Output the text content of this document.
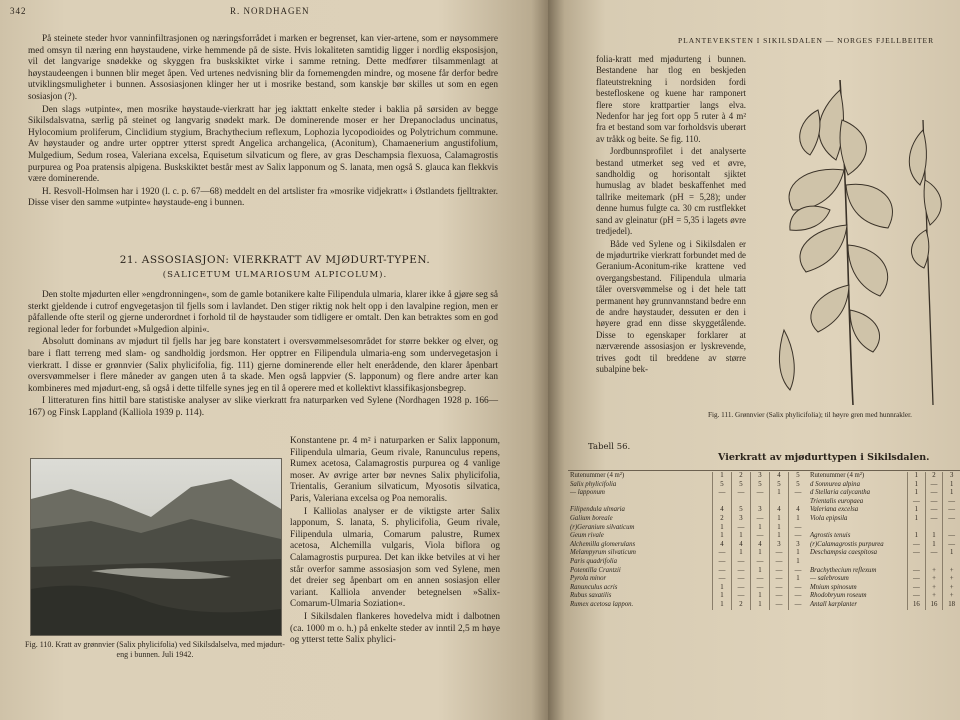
342	R. NORDHAGEN

På steinete steder hvor vanninfiltrasjonen og næringsforrådet i marken er begrenset, kan vier-artene, som er nøysommere med omsyn til næring enn høystaudene, virke hemmende på de siste. Hvis lokaliteten samtidig ligger i nordlig eksposisjon, vil det langvarige snødekke og skyggen fra buskskiktet virke i samme retning. Dette medfører tilsammenlagt at høystaudeengen i bunnen blir meget åpen. Ved urtenes nedvisning blir da fornemengden mindre, og mosene får derfor bedre utviklingsmuligheter i bunnen. Assosiasjonen klinger her ut i mosrike bestand, som kanskje bør skilles ut som en egen sosiasjon (?).

Den slags »utpinte«, men mosrike høystaude-vierkratt har jeg iakttatt enkelte steder i baklia på sørsiden av begge Sikilsdalsvatna, særlig på steinet og langvarig snødekt mark. De dominerende moser er her Drepanocladus uncinatus, Hylocomium proliferum, Cinclidium stygium, Brachythecium reflexum, Lophozia lycopodioides og Polytrichum commune. Av høystauder og andre urter opptrer ytterst spredt Angelica archangelica, (Aconitum), Chamaenerium angustifolium, Mulgedium, Sedum rosea, Valeriana excelsa, Equisetum silvaticum og flere, av gras Deschampsia flexuosa, Calamagrostis purpurea og Poa pratensis alpigena. Buskskiktet består mest av Salix lapponum og S. lanata, men også S. glauca kan flekkvis være dominerende.

H. Resvoll-Holmsen har i 1920 (l. c. p. 67—68) meddelt en del artslister fra »mosrike vidjekratt« i Østlandets fjelltrakter. Disse viser den samme »utpinte« høystaude-eng i bunnen.

21. ASSOSIASJON: VIERKRATT AV MJØDURT-TYPEN.
(SALICETUM ULMARIOSUM ALPICOLUM).

Den stolte mjødurten eller »engdronningen«, som de gamle botanikere kalte Filipendula ulmaria, klarer ikke å gjøre seg så sterkt gjeldende i cutrof engvegetasjon til fjells som i lavlandet. Den stiger riktig nok helt opp i den lavalpine region, men er påfallende ofte steril og gjerne underordnet i forhold til de høystauder som tidligere er omtalt. Den kan betraktes som en god regional leder for forbundet »Mulgedion alpini«.

Absolutt dominans av mjødurt til fjells har jeg bare konstatert i oversvømmelsesområdet for større bekker og elver, og bare i flatt terreng med slam- og sandholdig jordsmon. Her opptrer en Filipendula ulmaria-eng som undervegetasjon i vierkratt. I disse er grønnvier (Salix phylicifolia, fig. 111) gjerne dominerende eller helt enerådende, den klarer åpenbart oversvømmelser i flere måneder av gangen uten å ta skade. Men også lappvier (S. lapponum) og flere andre arter kan kombineres med mjødurt-eng, så også i dette tilfelle synes jeg en til å operere med et kollektivt klassifikasjonsbegrep.

I litteraturen fins hittil bare statistiske analyser av slike vierkratt fra naturparken ved Sylene (Nordhagen 1928 p. 166—167) og Finsk Lappland (Kalliola 1939 p. 114).

Konstantene pr. 4 m² i naturparken er Salix lapponum, Filipendula ulmaria, Geum rivale, Ranunculus repens, Rumex acetosa, Calamagrostis purpurea og 4 vanlige moser. Av øvrige arter bør nevnes Salix phylicifolia, Trientalis, Geranium silvaticum, Myosotis silvatica, Paris, Valeriana excelsa og Poa nemoralis.

I Kalliolas analyser er de viktigste arter Salix lapponum, S. lanata, S. phylicifolia, Geum rivale, Filipendula ulmaria, Comarum palustre, Rumex acetosa, Alchemilla vulgaris, Viola biflora og Calamagrostis purpurea. Det kan ikke betviles at vi her står overfor samme assosiasjon som ved Sylene, men det dreier seg åpenbart om en annen sosiasjon eller variant. Kalliola anvender betegnelsen »Salix-Comarum-Ulmaria Soziation«.

I Sikilsdalen flankeres hovedelva midt i dalbotnen (ca. 1000 m o. h.) på enkelte steder av inntil 2,5 m høye og ytterst tette Salix phylici-

Fig. 110. Kratt av grønnvier (Salix phylicifolia) ved Sikilsdalselva, med mjødurt-eng i bunnen. Juli 1942.
PLANTEVEKSTEN I SIKILSDALEN — NORGES FJELLBEITER

folia-kratt med mjødurteng i bunnen. Bestandene har tlog en beskjeden flateutstrekning i nordsiden fordi bestefloskene og kuene har ramponert flere store krattpartier langs elva. Nedenfor har jeg fort opp 5 ruter à 4 m² fra et bestand som var forholdsvis uberørt av tråkk og beite. Se fig. 110.

Jordbunnsprofilet i det analyserte bestand utmerket seg ved et øvre, sandholdig og horisontalt sjiktet humuslag av bladet beskaffenhet med tallrike meitemark (pH = 5,28); under denne humus fulgte ca. 30 cm rustflekket sand av gleinatur (pH = 5,35 i lagets øvre tredjedel).

Både ved Sylene og i Sikilsdalen er de mjødurtrike vierkratt forbundet med de Geranium-Aconitum-rike krattene ved overgangsbestand. Filipendula ulmaria tåler oversvømmelse og i det hele tatt permanent høy grunnvannstand bedre enn de andre høystauder, dessuten er den i høyere grad enn disse skyggetålende. Disse to egenskaper forklarer at nærværende assosiasjon er lyskrevende, trives godt til breddene av større subalpine bek-

Fig. 111. Grønnvier (Salix phylicifolia); til høyre gren med hunnrakler.
Tabell 56.
Vierkratt av mjødurttypen i Sikilsdalen.
Rutenummer (4 m²)	1	2	3	4	5
Salix phylicifolia	5	5	5	5	5
— lapponum	—	—	—	1	—

Filipendula ulmaria	4	5	3	4	4
Galium boreale	2	3	—	1	1
(r)Geranium silvaticum	1	—	1	1	—
Geum rivale	1	1	—	1	—
Alchemilla glomerulans	4	4	4	3	3
Melampyrum silvaticum	—	1	1	—	1
Paris quadrifolia	—	—	—	—	1
Potentilla Crantzii	—	—	1	—	—
Pyrola minor	—	—	—	—	1
Ranunculus acris	1	—	—	—	—
Rubus saxatilis	1	—	1	—	—
Rumex acetosa lappon.	1	2	1	—	—
Rutenummer (4 m²)	1	2	3
d Sonnurea alpina	1	—	1
d Stellaria calycantha	1	—	1
Trientalis europaea	—	—	—
Valeriana excelsa	1	—	—
Viola epipsila	1	—	—

Agrostis tenuis	1	1	—
(r)Calamagrostis purpurea	—	1	—
Deschampsia caespitosa	—	—	1

Brachythecium reflexum	—	+	+
— salebrosum	—	+	+
Mnium spinosum	—	+	+
Rhodobryum roseum	—	+	+
Antall karplanter	16	16	18
